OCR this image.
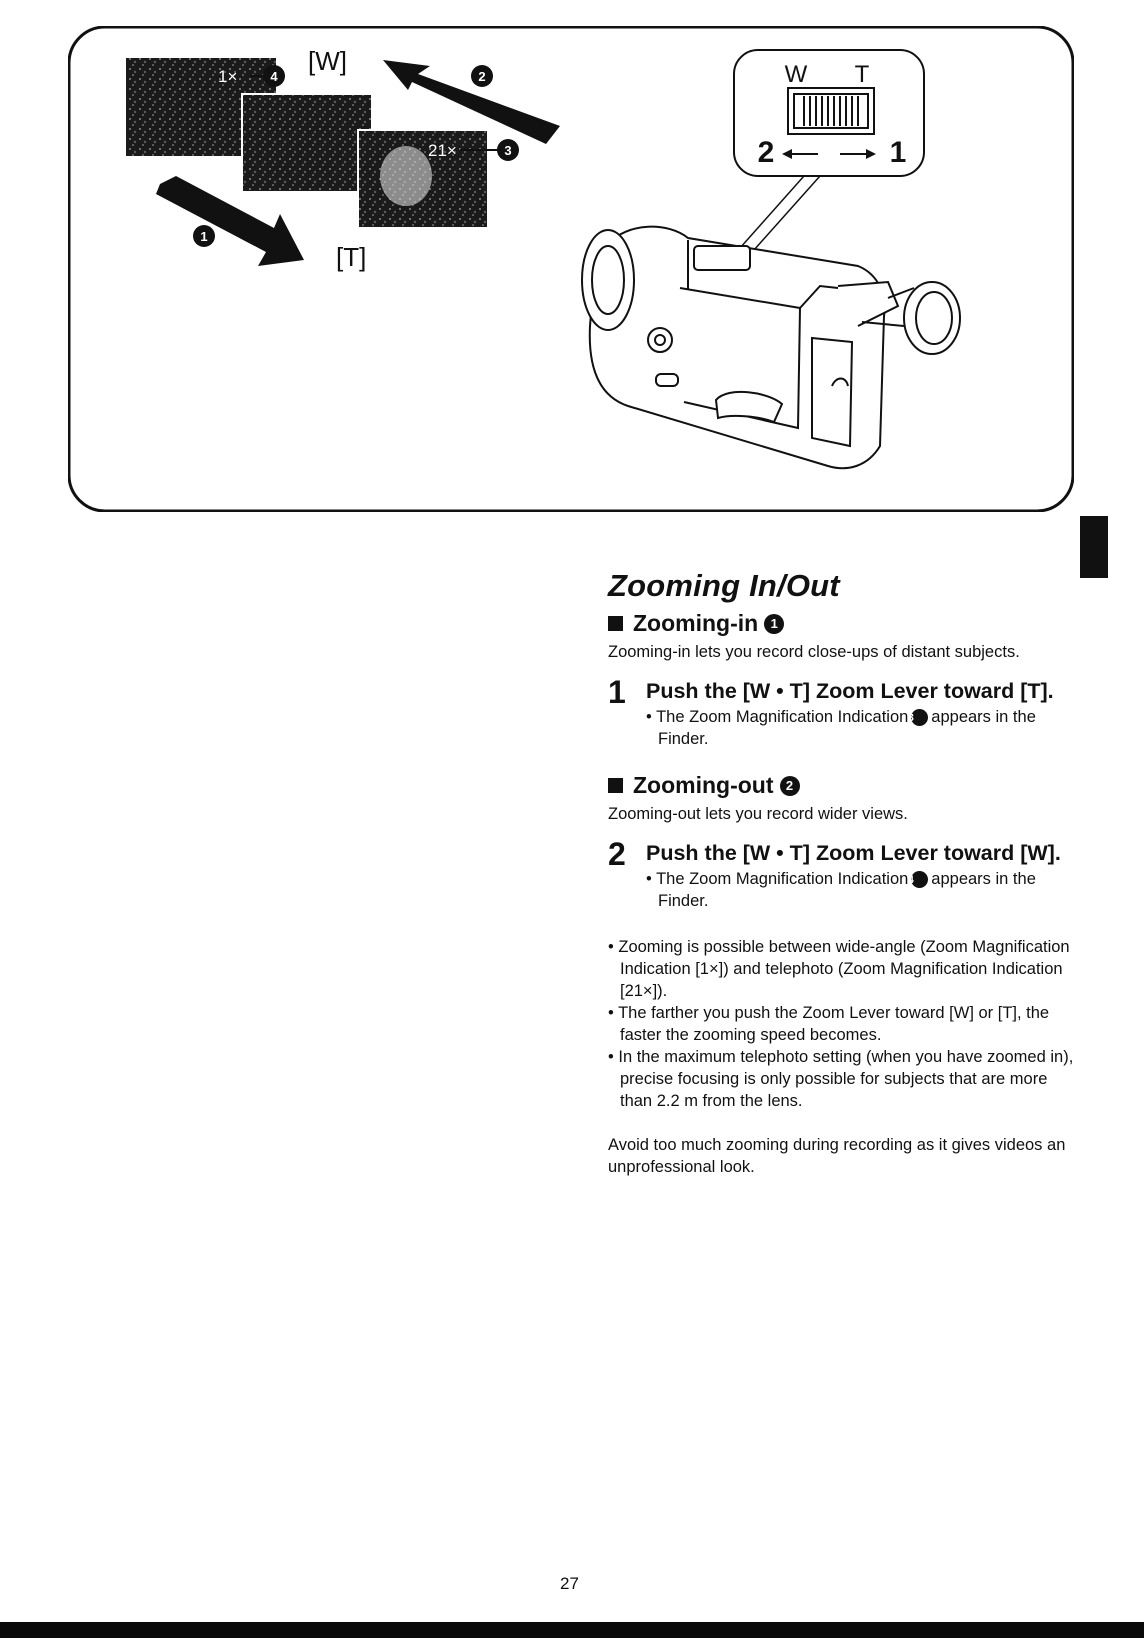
1×
21×
4
3
[W]
2
1
[T]
W T
2	1
Zooming In/Out
Zooming-in 1

Zooming-in lets you record close-ups of distant subjects.

1 Push the [W • T] Zoom Lever toward [T].
• The Zoom Magnification Indication3 appears in the Finder.
Zooming-out 2

Zooming-out lets you record wider views.

2 Push the [W • T] Zoom Lever toward [W].
• The Zoom Magnification Indication4 appears in the Finder.
• Zooming is possible between wide-angle (Zoom Magnification Indication [1×]) and telephoto (Zoom Magnification Indication [21×]).
• The farther you push the Zoom Lever toward [W] or [T], the faster the zooming speed becomes.
• In the maximum telephoto setting (when you have zoomed in), precise focusing is only possible for subjects that are more than 2.2 m from the lens.

Avoid too much zooming during recording as it gives videos an unprofessional look.

27
